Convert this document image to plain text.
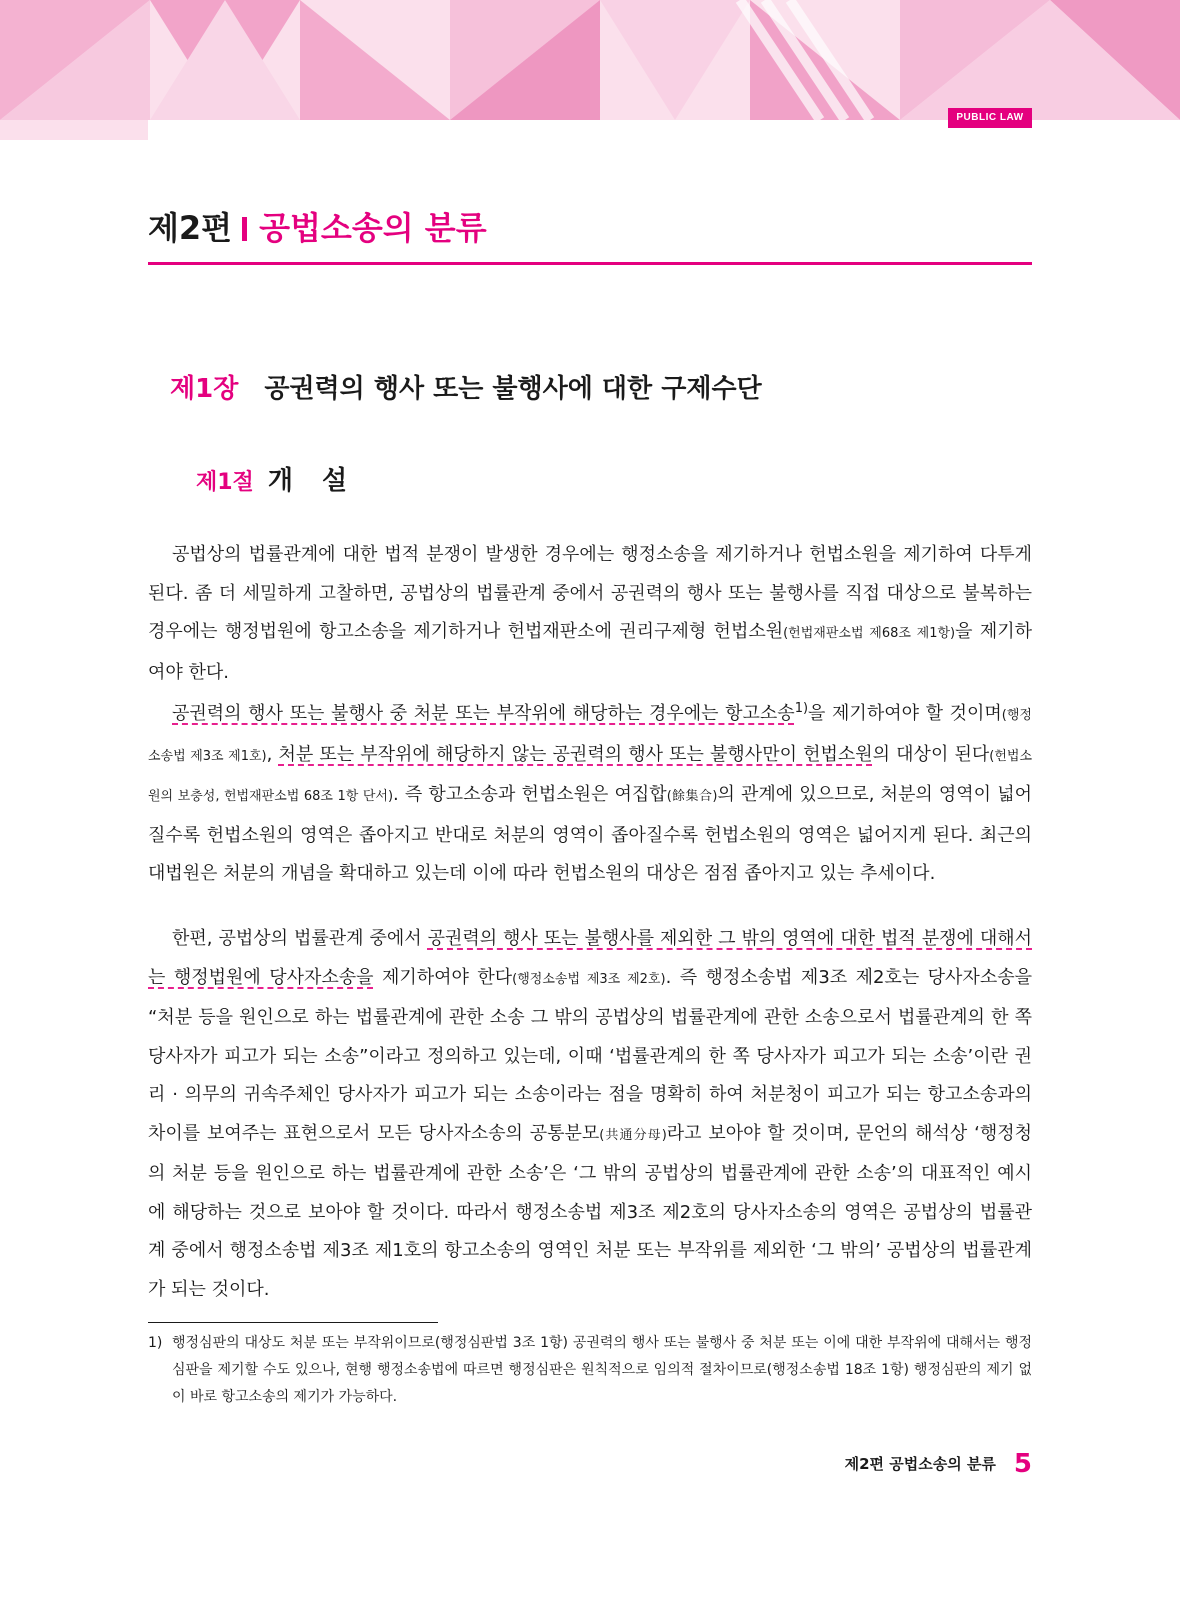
PUBLIC LAW
제2편 공법소송의 분류
제1장 공권력의 행사 또는 불행사에 대한 구제수단
제1절 개 설

공법상의 법률관계에 대한 법적 분쟁이 발생한 경우에는 행정소송을 제기하거나 헌법소원을 제기하여 다투게 된다. 좀 더 세밀하게 고찰하면, 공법상의 법률관계 중에서 공권력의 행사 또는 불행사를 직접 대상으로 불복하는 경우에는 행정법원에 항고소송을 제기하거나 헌법재판소에 권리구제형 헌법소원(헌법재판소법 제68조 제1항)을 제기하여야 한다.

공권력의 행사 또는 불행사 중 처분 또는 부작위에 해당하는 경우에는 항고소송$^{1)}$을 제기하여야 할 것이며(행정소송법 제3조 제1호), 처분 또는 부작위에 해당하지 않는 공권력의 행사 또는 불행사만이 헌법소원의 대상이 된다(헌법소원의 보충성, 헌법재판소법 68조 1항 단서). 즉 항고소송과 헌법소원은 여집합(餘集合)의 관계에 있으므로, 처분의 영역이 넓어질수록 헌법소원의 영역은 좁아지고 반대로 처분의 영역이 좁아질수록 헌법소원의 영역은 넓어지게 된다. 최근의 대법원은 처분의 개념을 확대하고 있는데 이에 따라 헌법소원의 대상은 점점 좁아지고 있는 추세이다.

한편, 공법상의 법률관계 중에서 공권력의 행사 또는 불행사를 제외한 그 밖의 영역에 대한 법적 분쟁에 대해서는 행정법원에 당사자소송을 제기하여야 한다(행정소송법 제3조 제2호). 즉 행정소송법 제3조 제2호는 당사자소송을 “처분 등을 원인으로 하는 법률관계에 관한 소송 그 밖의 공법상의 법률관계에 관한 소송으로서 법률관계의 한 쪽 당사자가 피고가 되는 소송”이라고 정의하고 있는데, 이때 ‘법률관계의 한 쪽 당사자가 피고가 되는 소송’이란 권리 · 의무의 귀속주체인 당사자가 피고가 되는 소송이라는 점을 명확히 하여 처분청이 피고가 되는 항고소송과의 차이를 보여주는 표현으로서 모든 당사자소송의 공통분모(共通分母)라고 보아야 할 것이며, 문언의 해석상 ‘행정청의 처분 등을 원인으로 하는 법률관계에 관한 소송’은 ‘그 밖의 공법상의 법률관계에 관한 소송’의 대표적인 예시에 해당하는 것으로 보아야 할 것이다. 따라서 행정소송법 제3조 제2호의 당사자소송의 영역은 공법상의 법률관계 중에서 행정소송법 제3조 제1호의 항고소송의 영역인 처분 또는 부작위를 제외한 ‘그 밖의’ 공법상의 법률관계가 되는 것이다.

1) 행정심판의 대상도 처분 또는 부작위이므로(행정심판법 3조 1항) 공권력의 행사 또는 불행사 중 처분 또는 이에 대한 부작위에 대해서는 행정심판을 제기할 수도 있으나, 현행 행정소송법에 따르면 행정심판은 원칙적으로 임의적 절차이므로(행정소송법 18조 1항) 행정심판의 제기 없이 바로 항고소송의 제기가 가능하다.

제2편 공법소송의 분류 5
